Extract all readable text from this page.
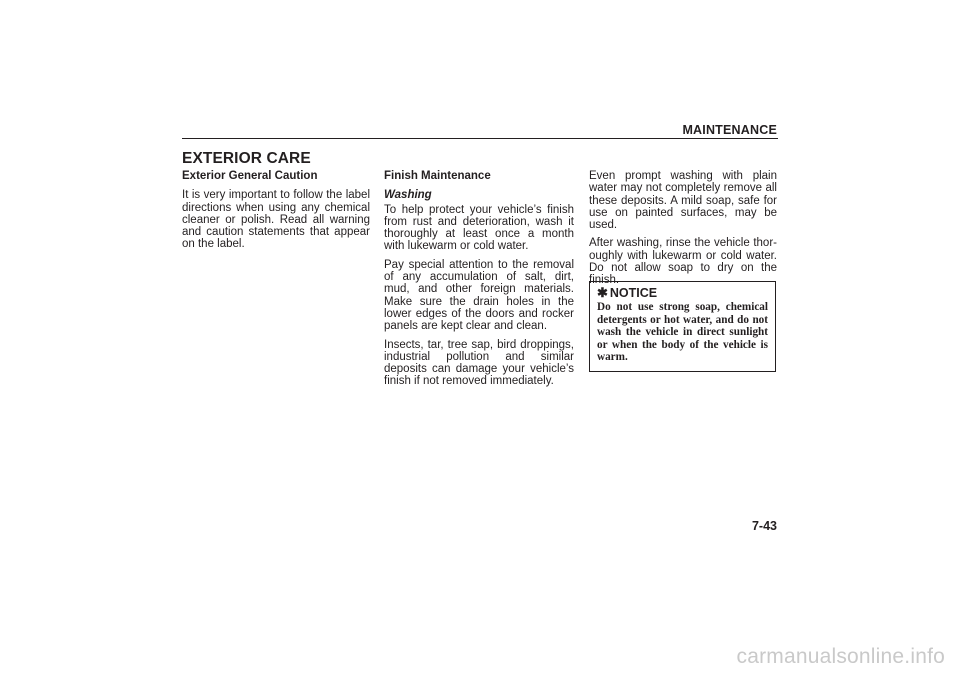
MAINTENANCE
EXTERIOR CARE
Exterior General Caution

It is very important to follow the label directions when using any chemical cleaner or polish. Read all warning and caution statements that appear on the label.

Finish Maintenance
Washing

To help protect your vehicle’s finish from rust and deterioration, wash it thoroughly at least once a month with lukewarm or cold water.

Pay special attention to the removal of any accumulation of salt, dirt, mud, and other foreign materials. Make sure the drain holes in the lower edges of the doors and rocker panels are kept clear and clean.

Insects, tar, tree sap, bird droppings, industrial pollution and similar deposits can damage your vehicle’s finish if not removed immediately.

Even prompt washing with plain water may not completely remove all these deposits. A mild soap, safe for use on painted surfaces, may be used.

After washing, rinse the vehicle thor-oughly with lukewarm or cold water. Do not allow soap to dry on the finish.

✱ NOTICE

Do not use strong soap, chemical detergents or hot water, and do not wash the vehicle in direct sunlight or when the body of the vehicle is warm.

7-43
carmanualsonline.info
